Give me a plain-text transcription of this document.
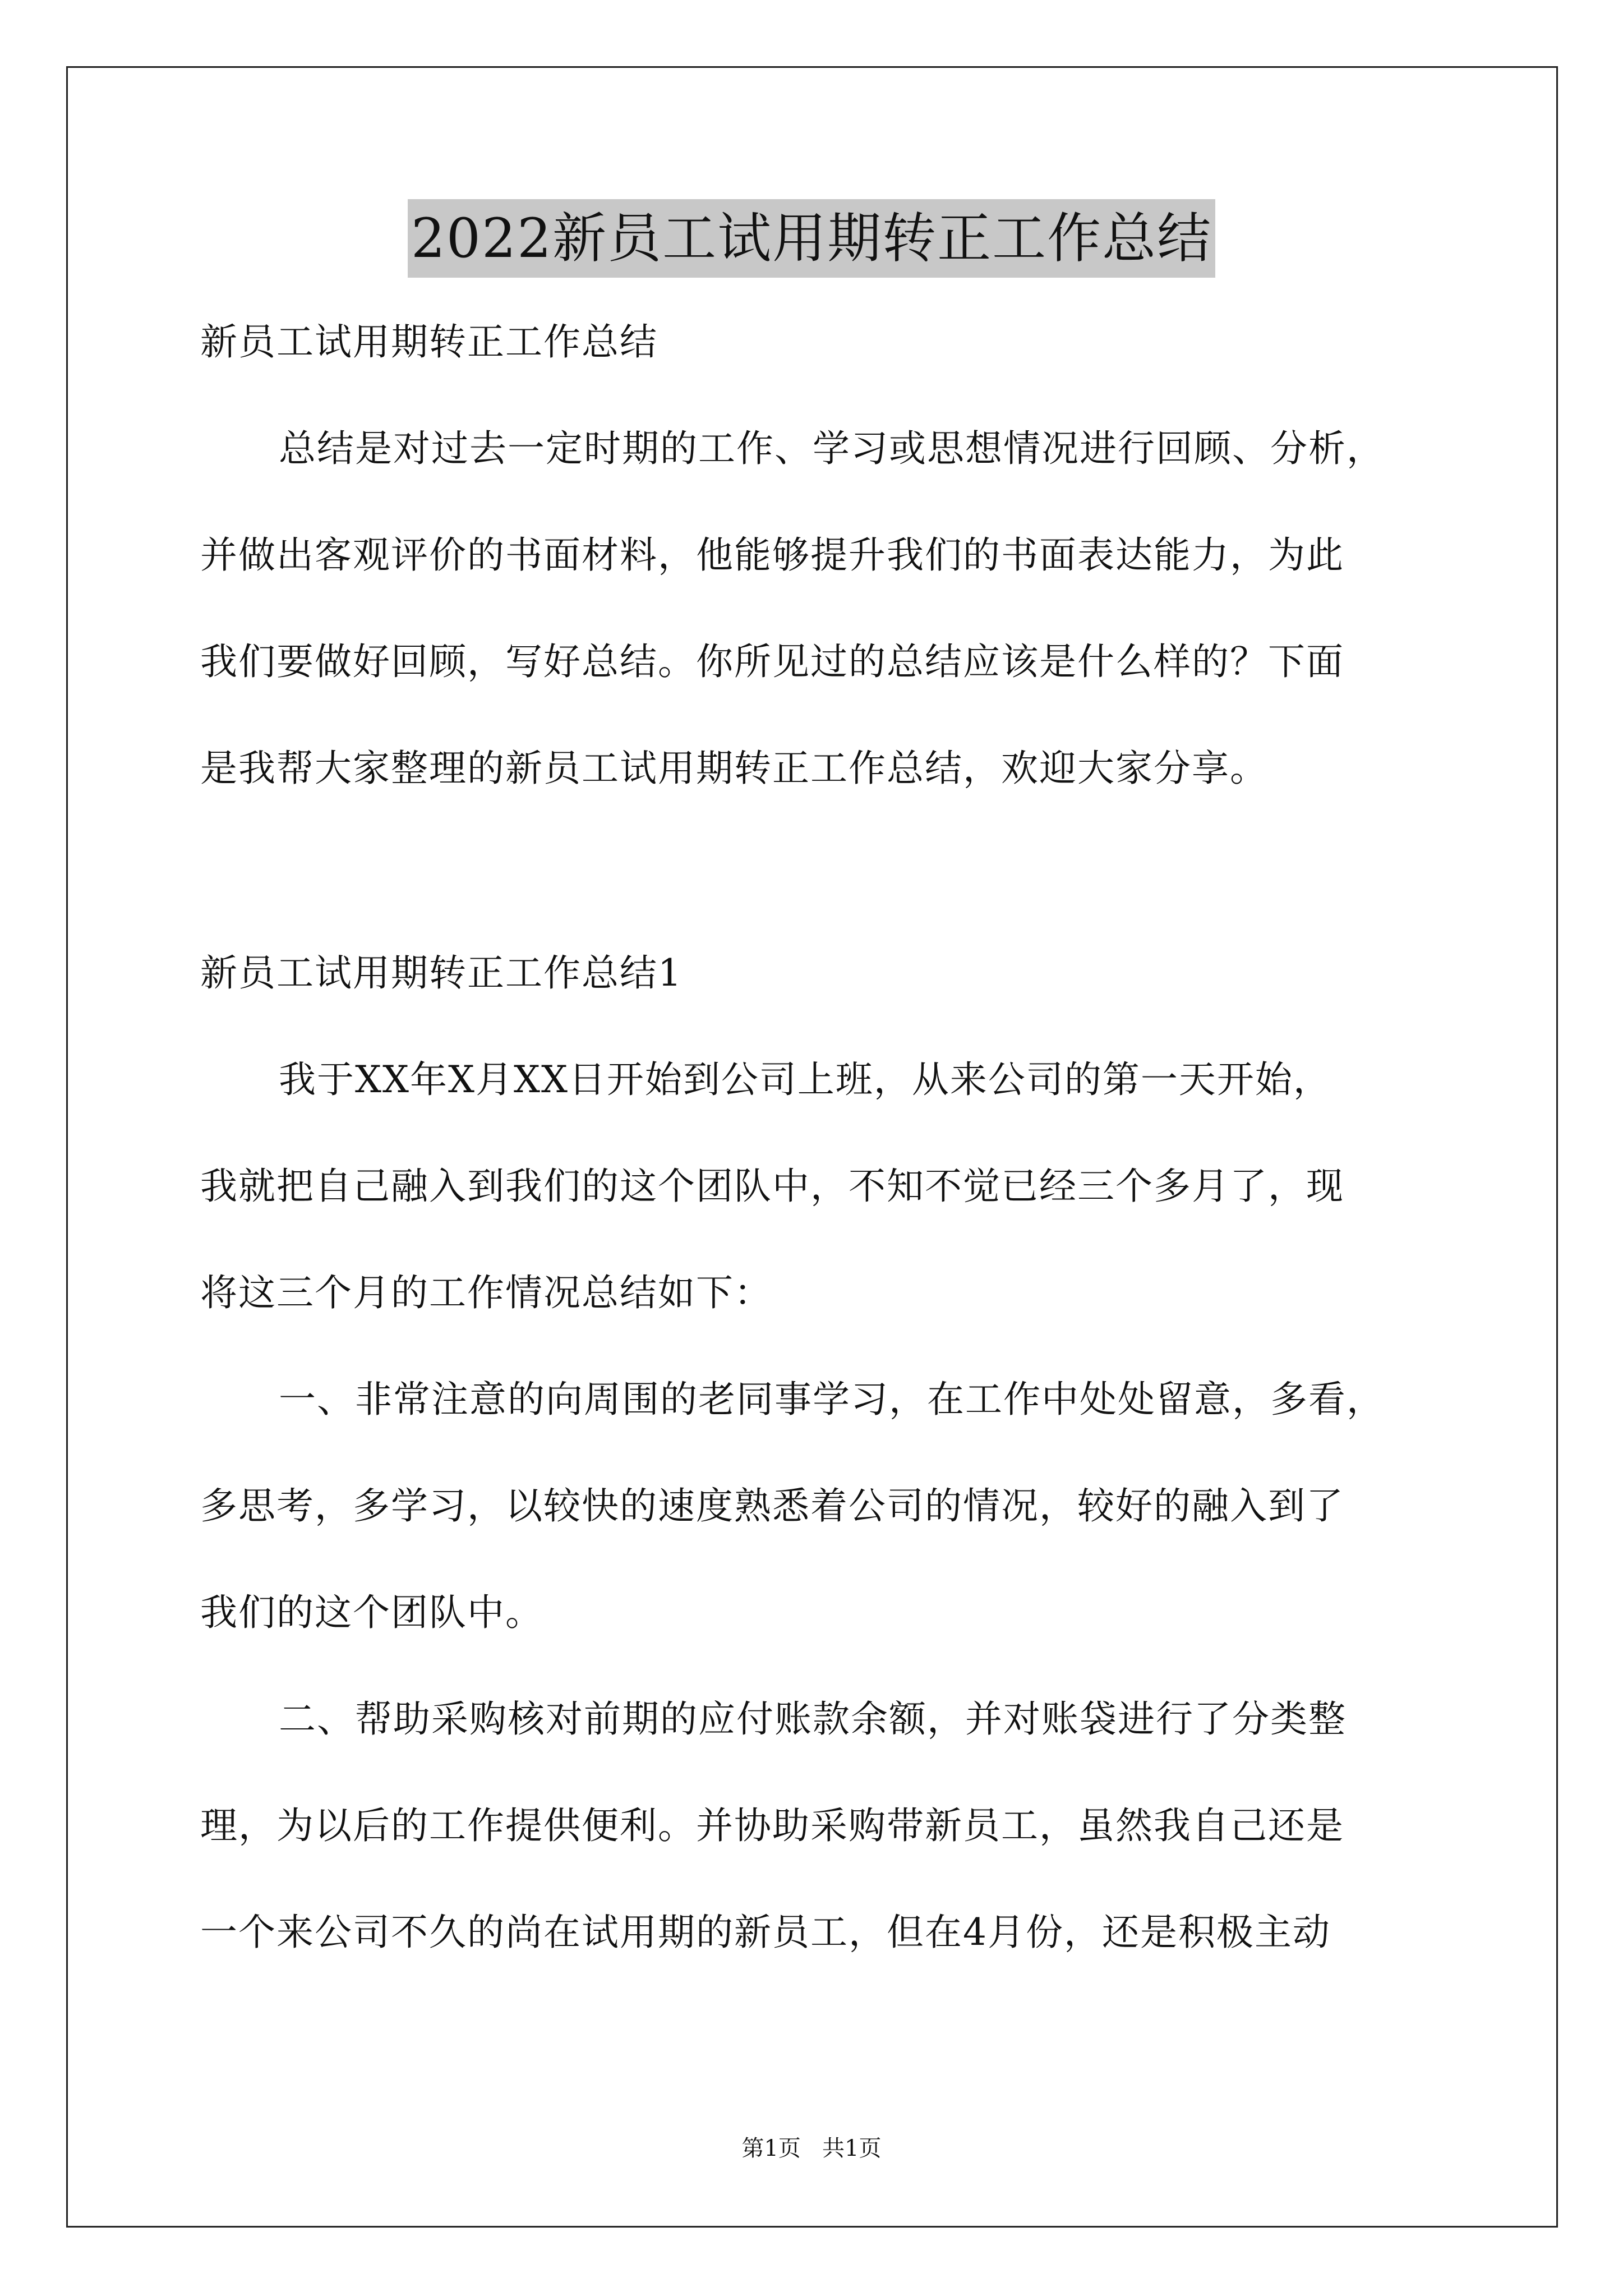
2022新员工试用期转正工作总结

新员工试用期转正工作总结

总结是对过去一定时期的工作、学习或思想情况进行回顾、分析，

并做出客观评价的书面材料，他能够提升我们的书面表达能力，为此

我们要做好回顾，写好总结。你所见过的总结应该是什么样的？下面

是我帮大家整理的新员工试用期转正工作总结，欢迎大家分享。

新员工试用期转正工作总结1

我于XX年X月XX日开始到公司上班，从来公司的第一天开始，

我就把自己融入到我们的这个团队中，不知不觉已经三个多月了，现

将这三个月的工作情况总结如下：

一、非常注意的向周围的老同事学习，在工作中处处留意，多看，

多思考，多学习，以较快的速度熟悉着公司的情况，较好的融入到了

我们的这个团队中。

二、帮助采购核对前期的应付账款余额，并对账袋进行了分类整

理，为以后的工作提供便利。并协助采购带新员工，虽然我自己还是

一个来公司不久的尚在试用期的新员工，但在4月份，还是积极主动

第1页   共1页
